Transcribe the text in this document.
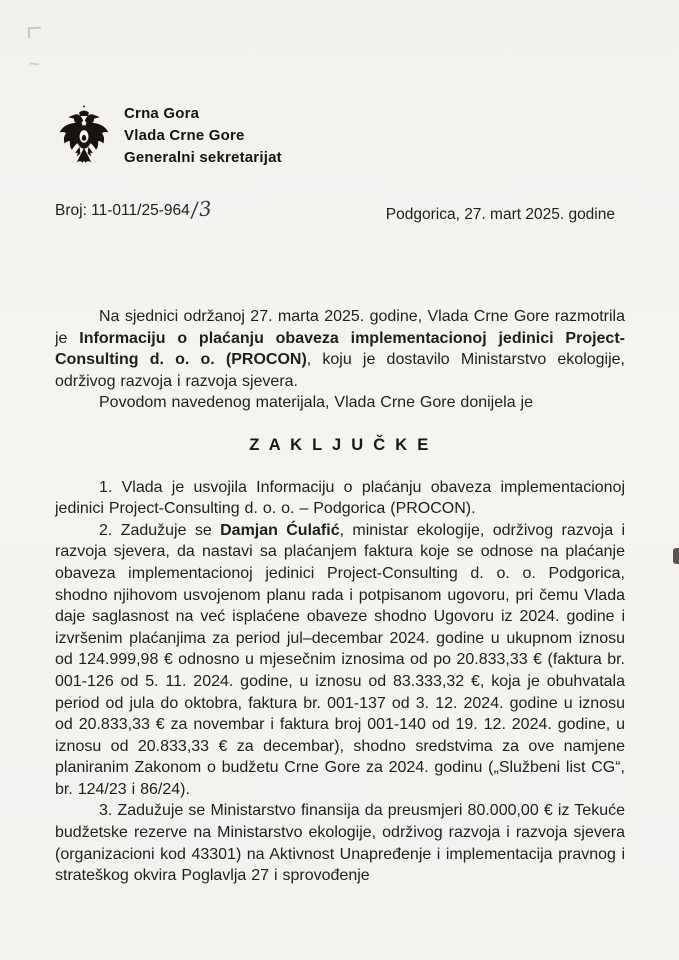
Crna Gora
Vlada Crne Gore
Generalni sekretarijat
Broj: 11-011/25-964/3	Podgorica, 27. mart 2025. godine

Na sjednici održanoj 27. marta 2025. godine, Vlada Crne Gore razmotrila je Informaciju o plaćanju obaveza implementacionoj jedinici Project-Consulting d. o. o. (PROCON), koju je dostavilo Ministarstvo ekologije, održivog razvoja i razvoja sjevera.

Povodom navedenog materijala, Vlada Crne Gore donijela je

Z A K L J U Č K E

1. Vlada je usvojila Informaciju o plaćanju obaveza implementacionoj jedinici Project-Consulting d. o. o. – Podgorica (PROCON).

2. Zadužuje se Damjan Ćulafić, ministar ekologije, održivog razvoja i razvoja sjevera, da nastavi sa plaćanjem faktura koje se odnose na plaćanje obaveza implementacionoj jedinici Project-Consulting d. o. o. Podgorica, shodno njihovom usvojenom planu rada i potpisanom ugovoru, pri čemu Vlada daje saglasnost na već isplaćene obaveze shodno Ugovoru iz 2024. godine i izvršenim plaćanjima za period jul–decembar 2024. godine u ukupnom iznosu od 124.999,98 € odnosno u mjesečnim iznosima od po 20.833,33 € (faktura br. 001-126 od 5. 11. 2024. godine, u iznosu od 83.333,32 €, koja je obuhvatala period od jula do oktobra, faktura br. 001-137 od 3. 12. 2024. godine u iznosu od 20.833,33 € za novembar i faktura broj 001-140 od 19. 12. 2024. godine, u iznosu od 20.833,33 € za decembar), shodno sredstvima za ove namjene planiranim Zakonom o budžetu Crne Gore za 2024. godinu („Službeni list CG“, br. 124/23 i 86/24).

3. Zadužuje se Ministarstvo finansija da preusmjeri 80.000,00 € iz Tekuće budžetske rezerve na Ministarstvo ekologije, održivog razvoja i razvoja sjevera (organizacioni kod 43301) na Aktivnost Unapređenje i implementacija pravnog i strateškog okvira Poglavlja 27 i sprovođenje
